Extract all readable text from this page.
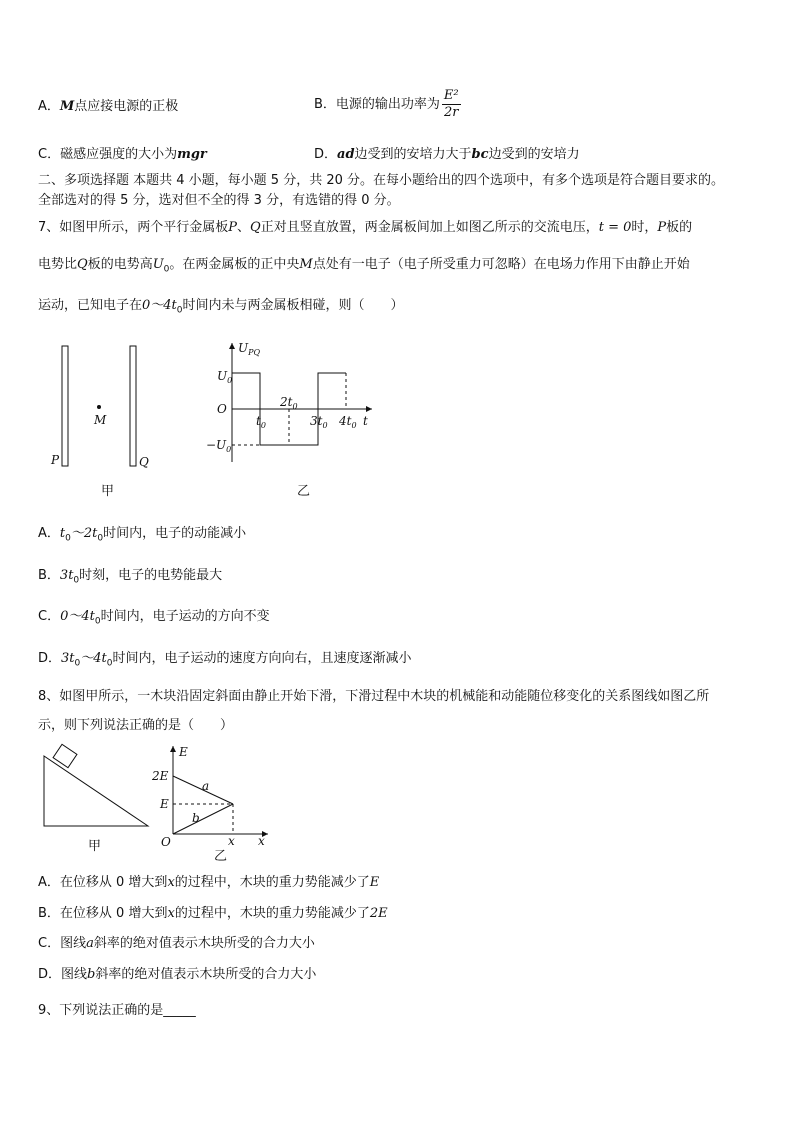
A．M点应接电源的正极	B．电源的输出功率为 $\frac{\text{E²}}{2r}$
C．磁感应强度的大小为mgr	D．ad边受到的安培力大于bc边受到的安培力
二、多项选择题 本题共 4 小题，每小题 5 分，共 20 分。在每小题给出的四个选项中，有多个选项是符合题目要求的。
全部选对的得 5 分，选对但不全的得 3 分，有选错的得 0 分。
7、如图甲所示，两个平行金属板P、Q正对且竖直放置，两金属板间加上如图乙所示的交流电压，t = 0时，P板的
电势比Q板的电势高$U_0$。在两金属板的正中央M点处有一电子（电子所受重力可忽略）在电场力作用下由静止开始
运动，已知电子在$0\sim 4t_0$时间内未与两金属板相碰，则（　　）
M
P	Q
甲
$U_{PQ}$
$U_0$
$-U_0$
O
$t_0$
$2t_0$
$3t_0$ $4t_0$ t
乙
A．$t_0\sim 2t_0$时间内，电子的动能减小
B．$3t_0$时刻，电子的电势能最大
C．$0\sim 4t_0$时间内，电子运动的方向不变
D．$3t_0\sim 4t_0$时间内，电子运动的速度方向向右，且速度逐渐减小
8、如图甲所示，一木块沿固定斜面由静止开始下滑，下滑过程中木块的机械能和动能随位移变化的关系图线如图乙所
示，则下列说法正确的是（　　）
甲
E
2E
E
O
a
b
x x
乙
A．在位移从 0 增大到x的过程中，木块的重力势能减少了E
B．在位移从 0 增大到x的过程中，木块的重力势能减少了2E
C．图线a斜率的绝对值表示木块所受的合力大小
D．图线b斜率的绝对值表示木块所受的合力大小
9、下列说法正确的是_____
